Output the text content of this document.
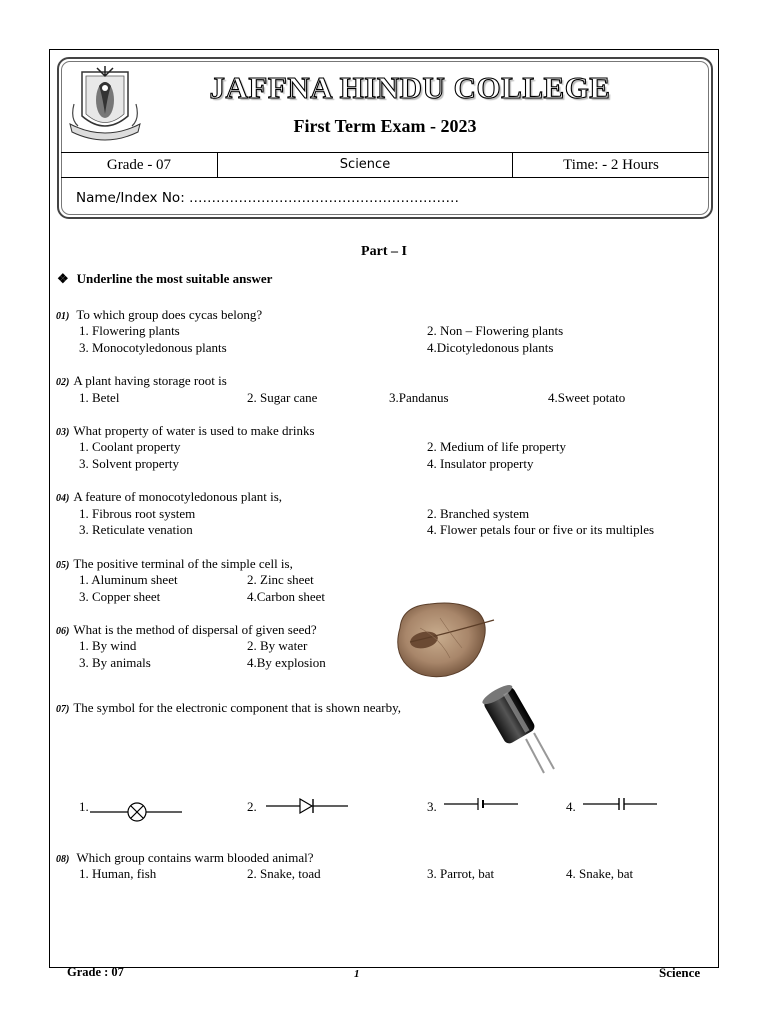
JAFFNA HINDU COLLEGE
First Term Exam - 2023
Grade - 07	Science	Time: - 2 Hours
Name/Index No: ……………………………………………………
Part – I
❖ Underline the most suitable answer
01) To which group does cycas belong?
1. Flowering plants	2. Non – Flowering plants
3. Monocotyledonous plants	4.Dicotyledonous plants
02) A plant having storage root is
1. Betel	2. Sugar cane	3.Pandanus	4.Sweet potato
03) What property of water is used to make drinks
1. Coolant property	2. Medium of life property
3. Solvent property	4. Insulator property
04) A feature of monocotyledonous plant is,
1. Fibrous root system	2. Branched system
3. Reticulate venation	4. Flower petals four or five or its multiples
05) The positive terminal of the simple cell is,
1. Aluminum sheet	2. Zinc sheet
3. Copper sheet	4.Carbon sheet
06) What is the method of dispersal of given seed?
1. By wind	2. By water
3. By animals	4.By explosion
07) The symbol for the electronic component that is shown nearby,
1.	2.	3.	4.
08) Which group contains warm blooded animal?
1. Human, fish	2. Snake, toad	3. Parrot, bat	4. Snake, bat
Grade : 07	1	Science
